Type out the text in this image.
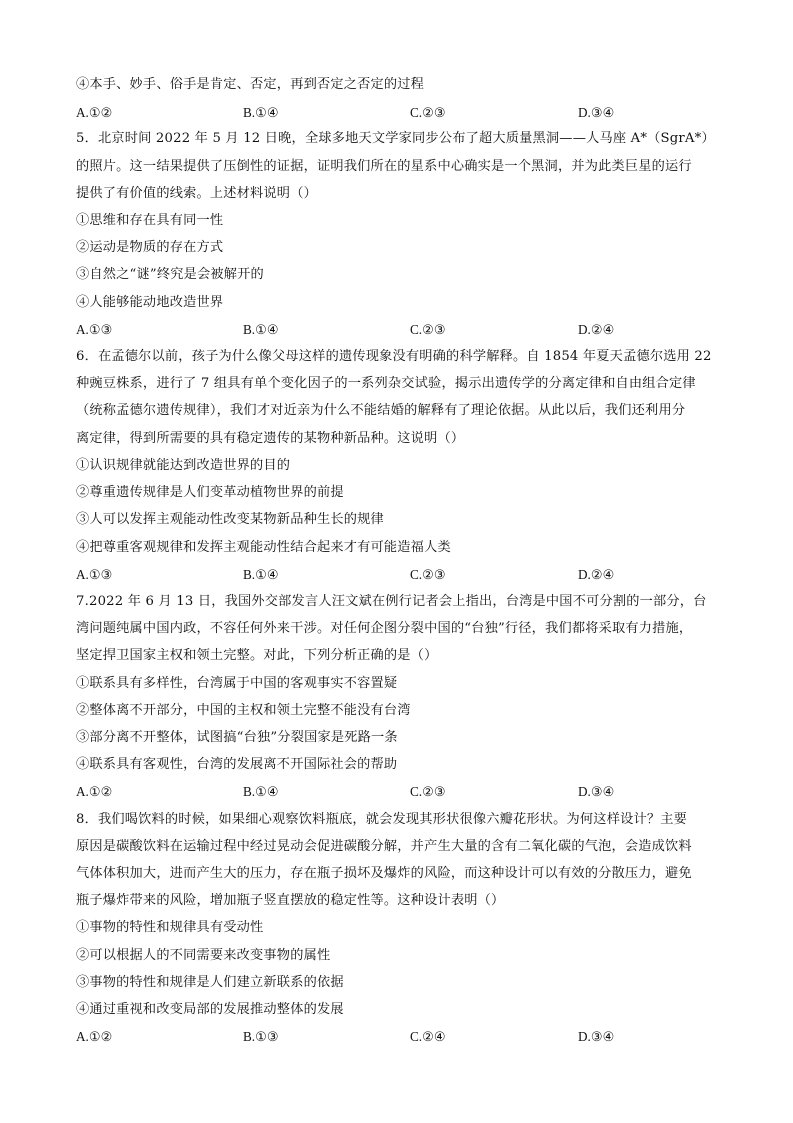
④本手、妙手、俗手是肯定、否定，再到否定之否定的过程
A.①②	B.①④	C.②③	D.③④
5．北京时间 2022 年 5 月 12 日晚，全球多地天文学家同步公布了超大质量黑洞——人马座 A*（SgrA*）
的照片。这一结果提供了压倒性的证据，证明我们所在的星系中心确实是一个黑洞，并为此类巨星的运行
提供了有价值的线索。上述材料说明（）
①思维和存在具有同一性
②运动是物质的存在方式
③自然之“谜”终究是会被解开的
④人能够能动地改造世界
A.①③	B.①④	C.②③	D.②④
6．在孟德尔以前，孩子为什么像父母这样的遗传现象没有明确的科学解释。自 1854 年夏天孟德尔选用 22
种豌豆株系，进行了 7 组具有单个变化因子的一系列杂交试验，揭示出遗传学的分离定律和自由组合定律
（统称孟德尔遗传规律），我们才对近亲为什么不能结婚的解释有了理论依据。从此以后，我们还利用分
离定律，得到所需要的具有稳定遗传的某物种新品种。这说明（）
①认识规律就能达到改造世界的目的
②尊重遗传规律是人们变革动植物世界的前提
③人可以发挥主观能动性改变某物新品种生长的规律
④把尊重客观规律和发挥主观能动性结合起来才有可能造福人类
A.①③	B.①④	C.②③	D.②④
7.2022 年 6 月 13 日，我国外交部发言人汪文斌在例行记者会上指出，台湾是中国不可分割的一部分，台
湾问题纯属中国内政，不容任何外来干涉。对任何企图分裂中国的“台独”行径，我们都将采取有力措施，
坚定捍卫国家主权和领土完整。对此，下列分析正确的是（）
①联系具有多样性，台湾属于中国的客观事实不容置疑
②整体离不开部分，中国的主权和领土完整不能没有台湾
③部分离不开整体，试图搞“台独”分裂国家是死路一条
④联系具有客观性，台湾的发展离不开国际社会的帮助
A.①②	B.①④	C.②③	D.③④
8．我们喝饮料的时候，如果细心观察饮料瓶底，就会发现其形状很像六瓣花形状。为何这样设计？主要
原因是碳酸饮料在运输过程中经过晃动会促进碳酸分解，并产生大量的含有二氧化碳的气泡，会造成饮料
气体体积加大，进而产生大的压力，存在瓶子损坏及爆炸的风险，而这种设计可以有效的分散压力，避免
瓶子爆炸带来的风险，增加瓶子竖直摆放的稳定性等。这种设计表明（）
①事物的特性和规律具有受动性
②可以根据人的不同需要来改变事物的属性
③事物的特性和规律是人们建立新联系的依据
④通过重视和改变局部的发展推动整体的发展
A.①②	B.①③	C.②④	D.③④
